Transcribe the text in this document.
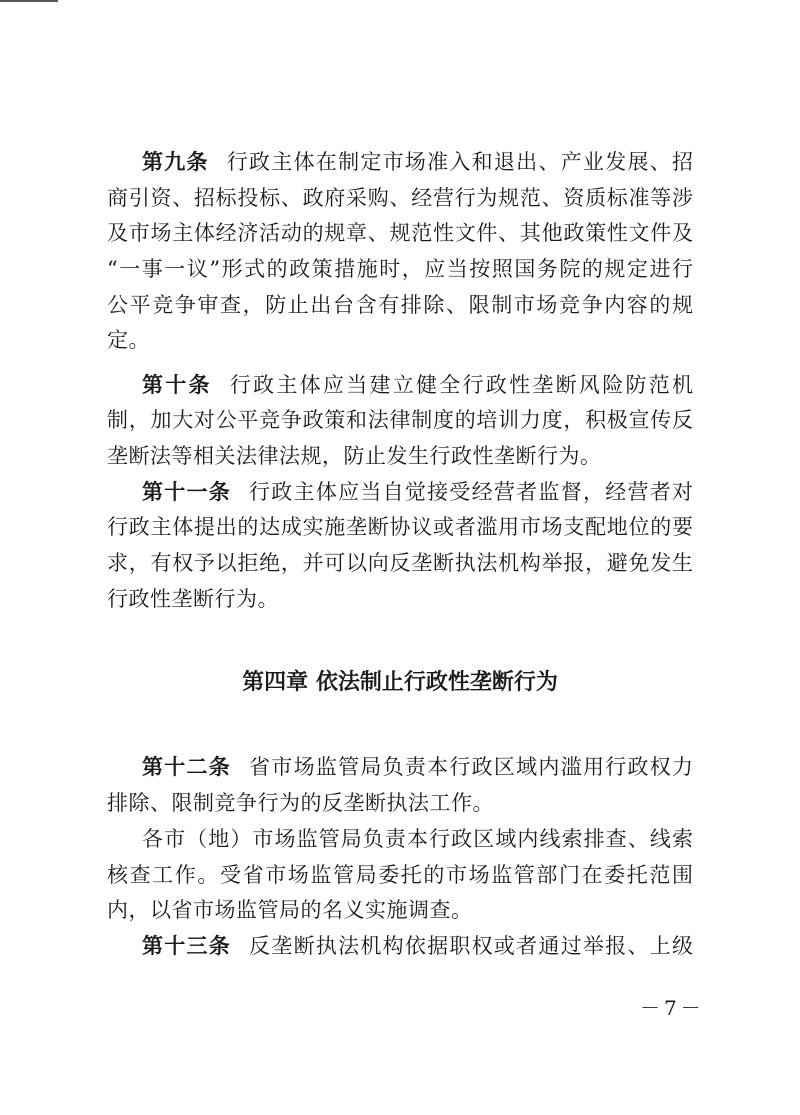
第九条 行政主体在制定市场准入和退出、产业发展、招
商引资、招标投标、政府采购、经营行为规范、资质标准等涉
及市场主体经济活动的规章、规范性文件、其他政策性文件及
“一事一议”形式的政策措施时，应当按照国务院的规定进行
公平竞争审查，防止出台含有排除、限制市场竞争内容的规
定。
第十条 行政主体应当建立健全行政性垄断风险防范机
制，加大对公平竞争政策和法律制度的培训力度，积极宣传反
垄断法等相关法律法规，防止发生行政性垄断行为。
第十一条 行政主体应当自觉接受经营者监督，经营者对
行政主体提出的达成实施垄断协议或者滥用市场支配地位的要
求，有权予以拒绝，并可以向反垄断执法机构举报，避免发生
行政性垄断行为。
第四章 依法制止行政性垄断行为
第十二条 省市场监管局负责本行政区域内滥用行政权力
排除、限制竞争行为的反垄断执法工作。
各市（地）市场监管局负责本行政区域内线索排查、线索
核查工作。受省市场监管局委托的市场监管部门在委托范围
内，以省市场监管局的名义实施调查。
第十三条 反垄断执法机构依据职权或者通过举报、上级
－7－
